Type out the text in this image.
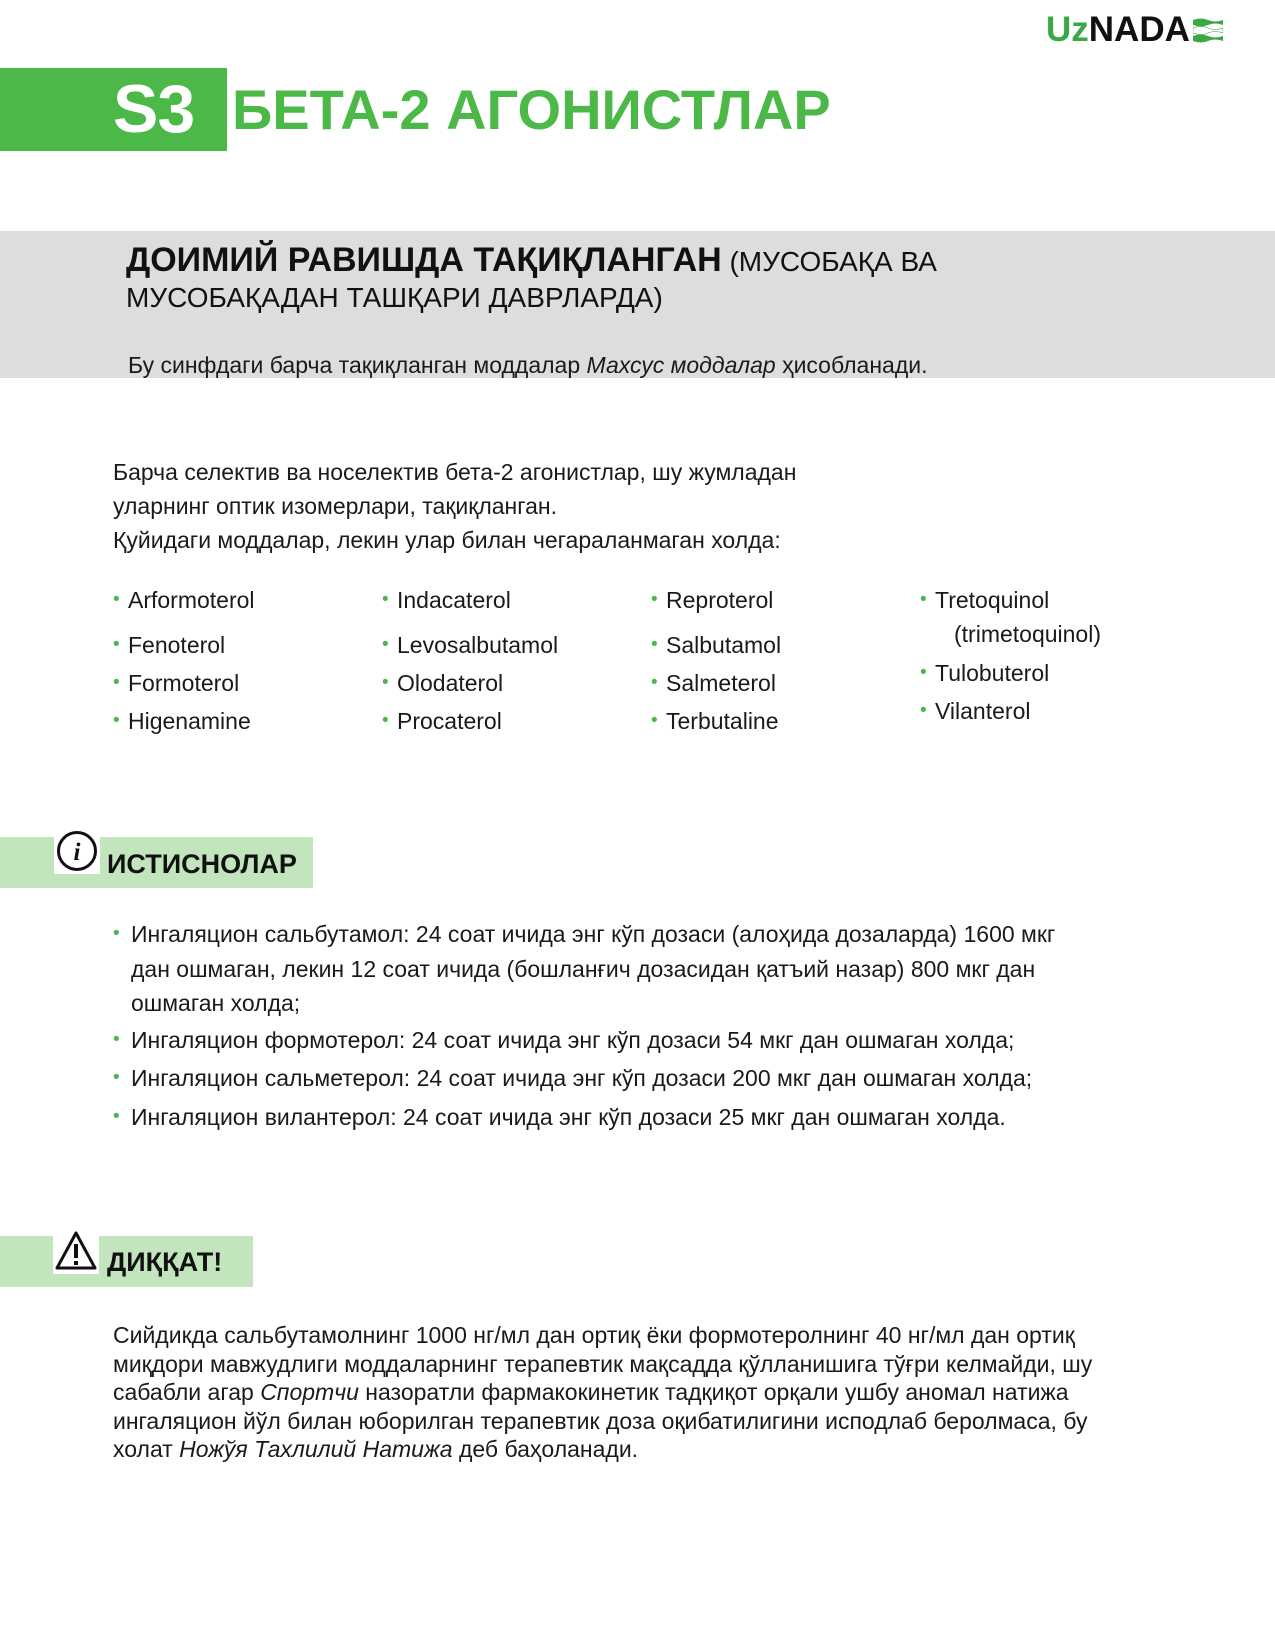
Uz NADA
S3 БЕТА-2 АГОНИСТЛАР
ДОИМИЙ РАВИШДА ТАҚИҚЛАНГАН (МУСОБАҚА ВА
МУСОБАҚАДАН ТАШҚАРИ ДАВРЛАРДА)
Бу синфдаги барча тақиқланган моддалар Махсус моддалар ҳисобланади.
Барча селектив ва носелектив бета-2 агонистлар, шу жумладан
уларнинг оптик изомерлари, тақиқланган.
Қуйидаги моддалар, лекин улар билан чегараланмаган холда:
• Arformoterol
• Fenoterol
• Formoterol
• Higenamine
• Indacaterol
• Levosalbutamol
• Olodaterol
• Procaterol
• Reproterol
• Salbutamol
• Salmeterol
• Terbutaline
• Tretoquinol
(trimetoquinol)
• Tulobuterol
• Vilanterol
i ИСТИСНОЛАР
• Ингаляцион сальбутамол: 24 соат ичида энг кўп дозаси (алоҳида дозаларда) 1600 мкг
дан ошмаган, лекин 12 соат ичида (бошланғич дозасидан қатъий назар) 800 мкг дан
ошмаган холда;
• Ингаляцион формотерол: 24 соат ичида энг кўп дозаси 54 мкг дан ошмаган холда;
• Ингаляцион сальметерол: 24 соат ичида энг кўп дозаси 200 мкг дан ошмаган холда;
• Ингаляцион вилантерол: 24 соат ичида энг кўп дозаси 25 мкг дан ошмаган холда.
ДИҚҚАТ!
Сийдикда сальбутамолнинг 1000 нг/мл дан ортиқ ёки формотеролнинг 40 нг/мл дан ортиқ
миқдори мавжудлиги моддаларнинг терапевтик мақсадда қўлланишига тўғри келмайди, шу
сабабли агар Спортчи назоратли фармакокинетик тадқиқот орқали ушбу аномал натижа
ингаляцион йўл билан юборилган терапевтик доза оқибатилигини исподлаб беролмаса, бу
холат Ножўя Тахлилий Натижа деб баҳоланади.
